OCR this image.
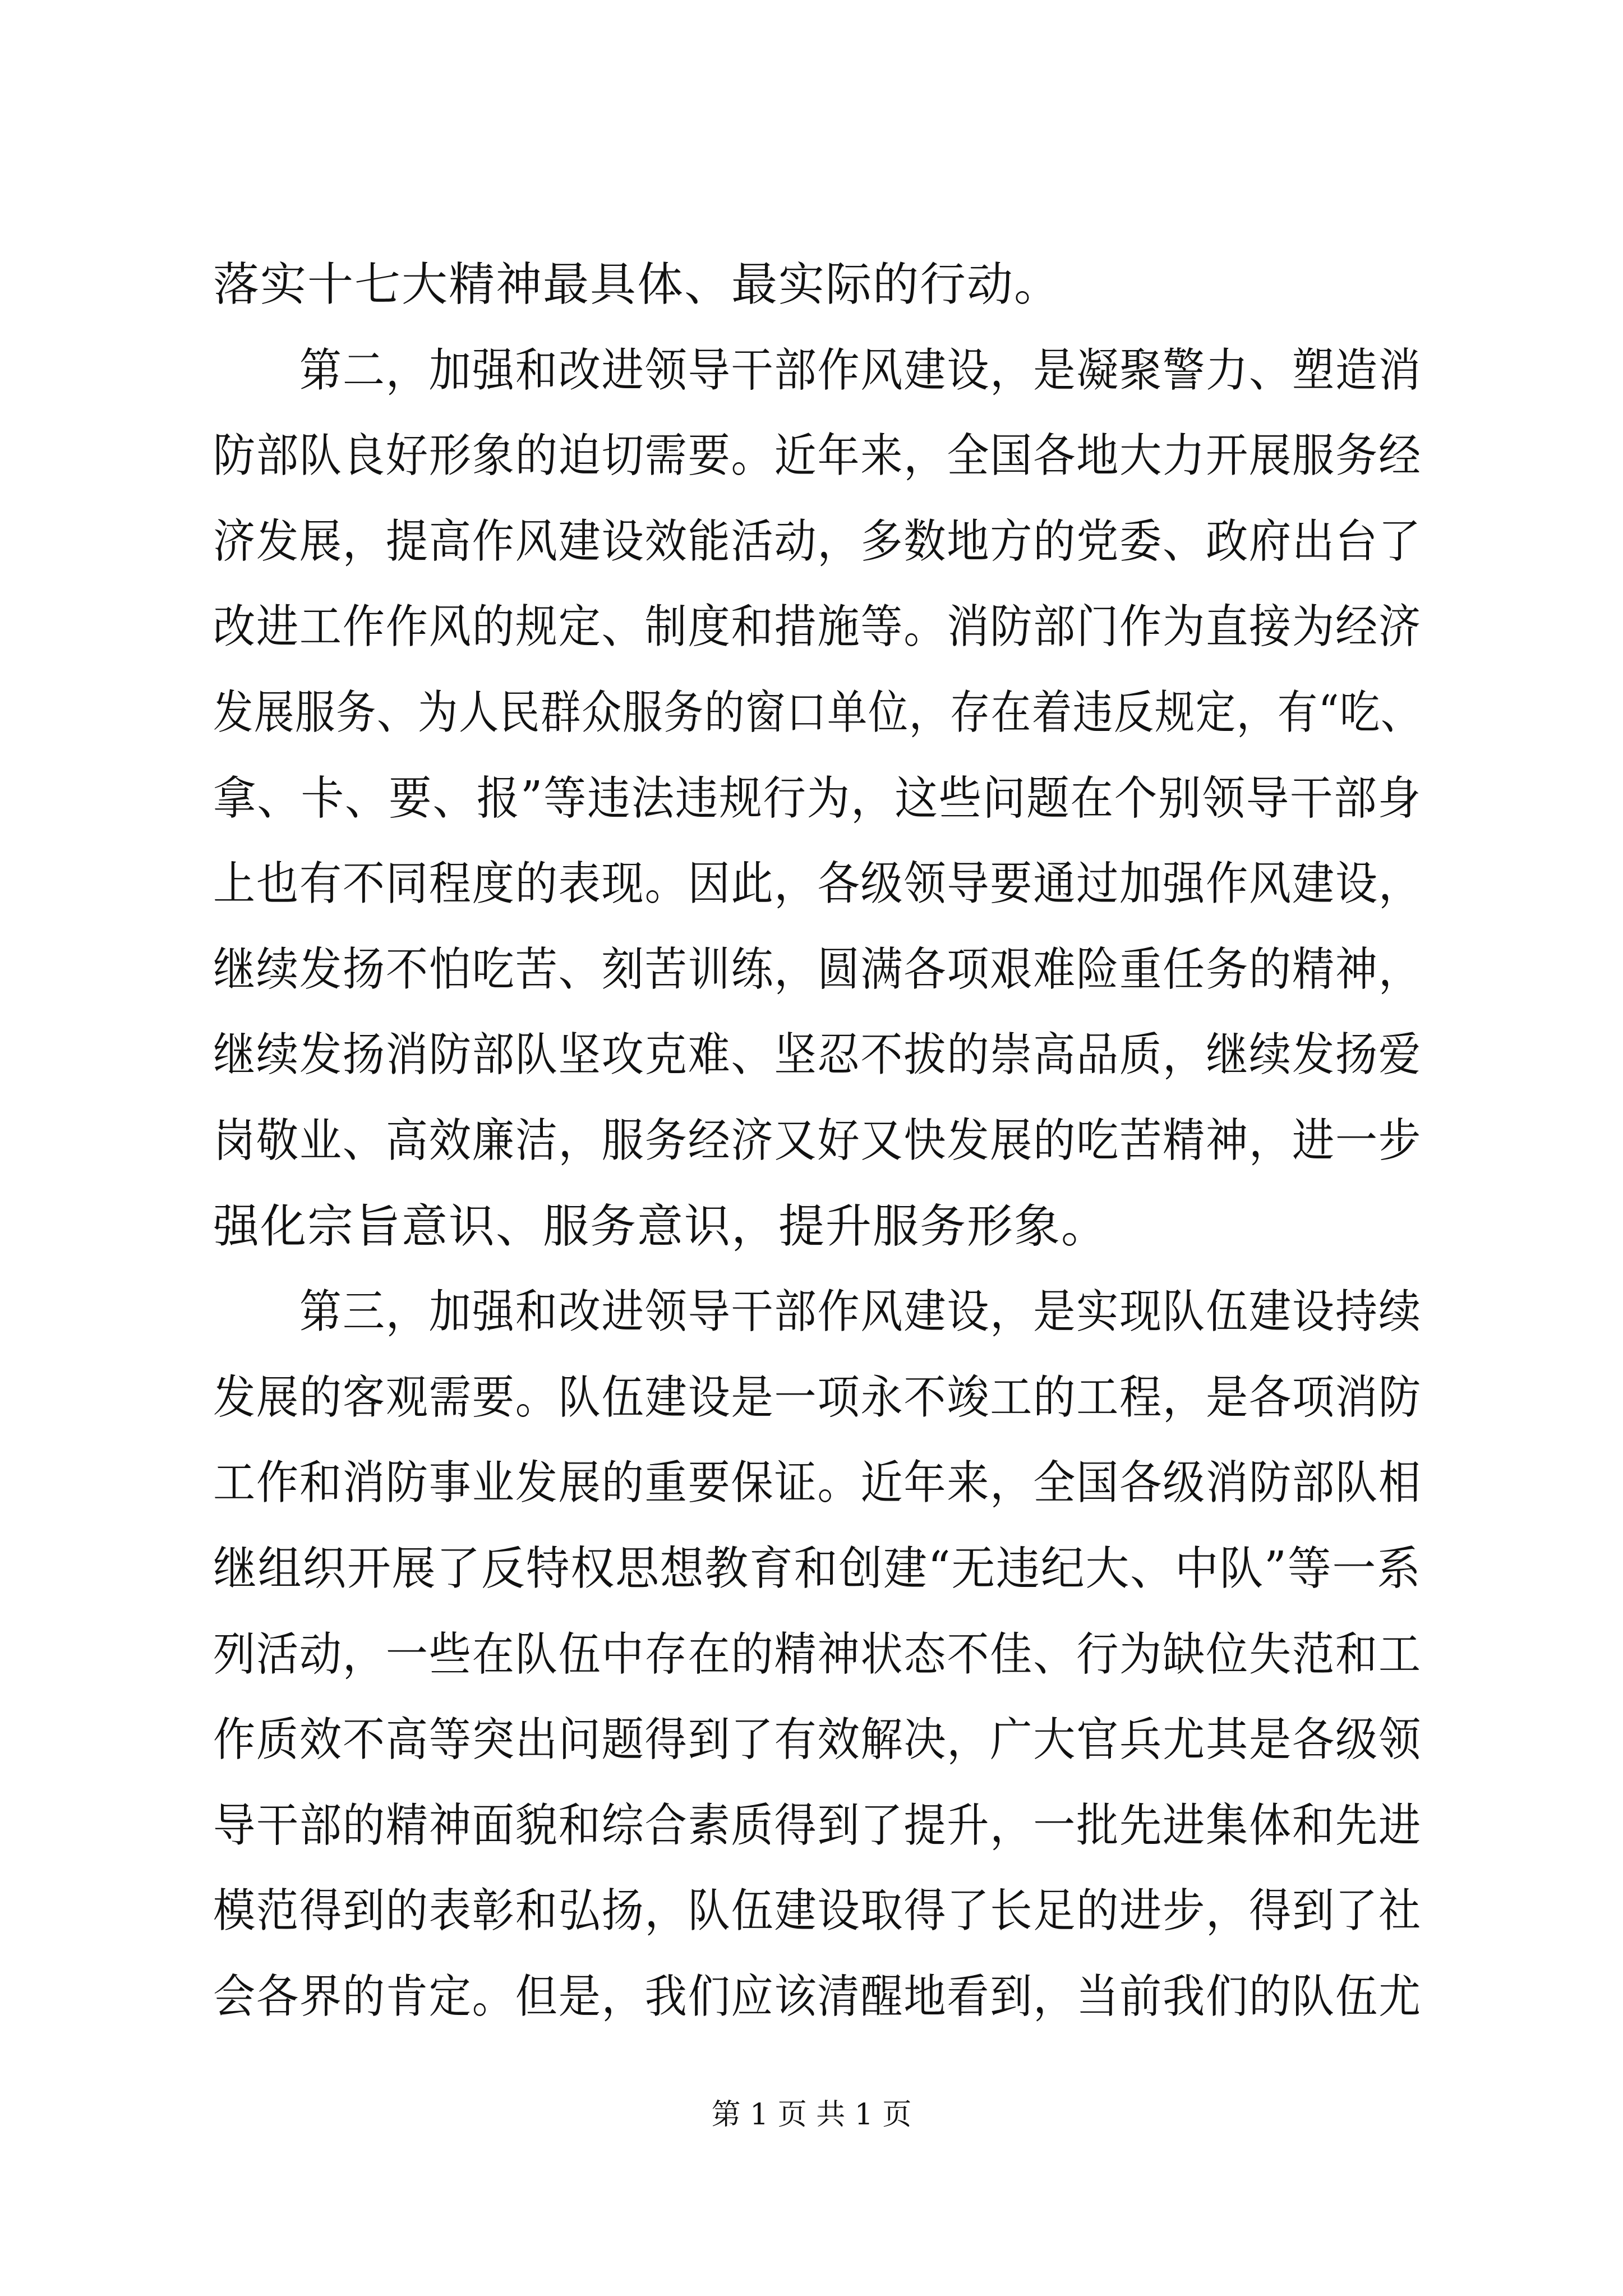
落实十七大精神最具体、最实际的行动。
　　第二，加强和改进领导干部作风建设，是凝聚警力、塑造消
防部队良好形象的迫切需要。近年来，全国各地大力开展服务经
济发展，提高作风建设效能活动，多数地方的党委、政府出台了
改进工作作风的规定、制度和措施等。消防部门作为直接为经济
发展服务、为人民群众服务的窗口单位，存在着违反规定，有“吃、
拿、卡、要、报”等违法违规行为，这些问题在个别领导干部身
上也有不同程度的表现。因此，各级领导要通过加强作风建设，
继续发扬不怕吃苦、刻苦训练，圆满各项艰难险重任务的精神，
继续发扬消防部队坚攻克难、坚忍不拔的崇高品质，继续发扬爱
岗敬业、高效廉洁，服务经济又好又快发展的吃苦精神，进一步
强化宗旨意识、服务意识，提升服务形象。
　　第三，加强和改进领导干部作风建设，是实现队伍建设持续
发展的客观需要。队伍建设是一项永不竣工的工程，是各项消防
工作和消防事业发展的重要保证。近年来，全国各级消防部队相
继组织开展了反特权思想教育和创建“无违纪大、中队”等一系
列活动，一些在队伍中存在的精神状态不佳、行为缺位失范和工
作质效不高等突出问题得到了有效解决，广大官兵尤其是各级领
导干部的精神面貌和综合素质得到了提升，一批先进集体和先进
模范得到的表彰和弘扬，队伍建设取得了长足的进步，得到了社
会各界的肯定。但是，我们应该清醒地看到，当前我们的队伍尤
第 1 页 共 1 页
